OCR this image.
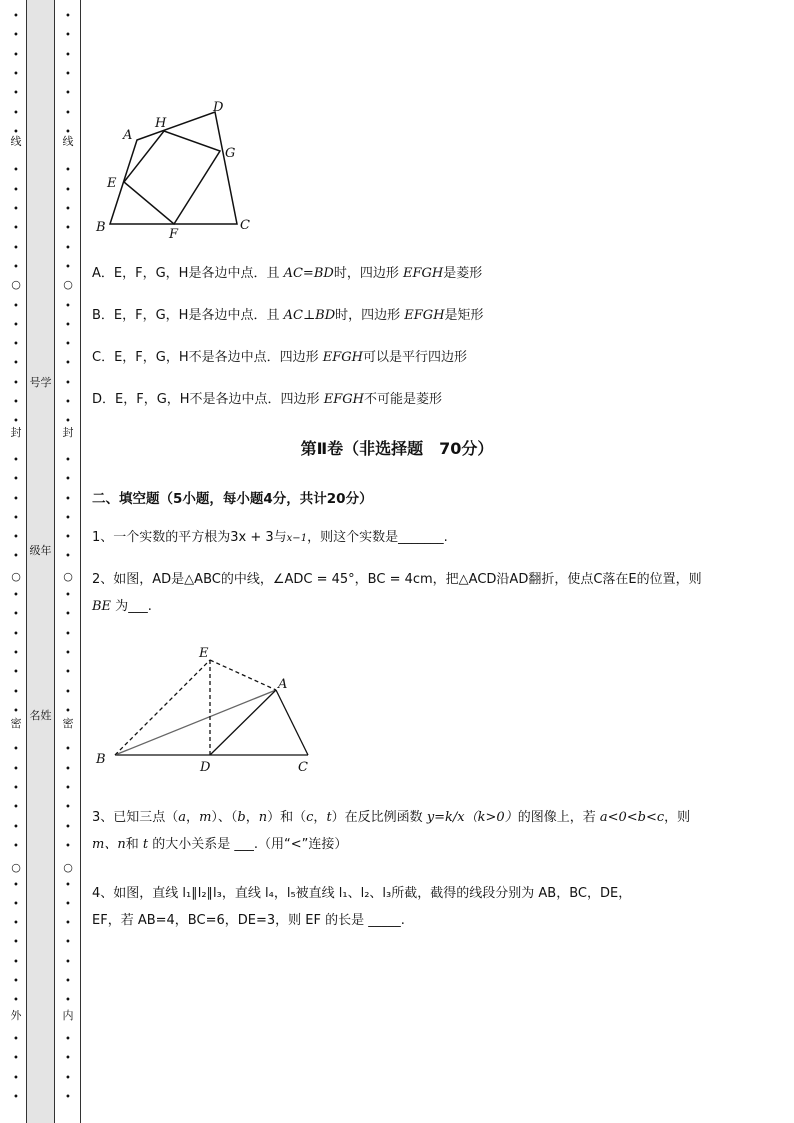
•
•
•
•
•
•
•
•
•
•
•
•
•
•
•
•
•
•
•
•
•
•
•
•
•
•
•
•
•
•
•
•
•
•
•
•
•
•
•
•
•
•
•
•
•
•
•
•
•
•
线
○
封
○
密
○
外
号学
级年
名姓
•
•
•
•
•
•
•
•
•
•
•
•
•
•
•
•
•
•
•
•
•
•
•
•
•
•
•
•
•
•
•
•
•
•
•
•
•
•
•
•
•
•
•
•
•
•
•
•
•
•
线
○
封
○
密
○
内
A
H
D
G
E
B	F
C
A．E，F，G，H是各边中点．且 AC=BD时，四边形 EFGH是菱形
B．E，F，G，H是各边中点．且 AC⊥BD时，四边形 EFGH是矩形
C．E，F，G，H不是各边中点．四边形 EFGH可以是平行四边形
D．E，F，G，H不是各边中点．四边形 EFGH不可能是菱形
第Ⅱ卷（非选择题　70分）
二、填空题（5小题，每小题4分，共计20分）
1、一个实数的平方根为3x + 3与x−1，则这个实数是_______.
2、如图，AD是△ABC的中线，∠ADC = 45°，BC = 4cm，把△ACD沿AD翻折，使点C落在E的位置，则
BE 为___.
E
A
B
D	C
3、已知三点（a，m）、（b，n）和（c，t）在反比例函数 y=k/x（k>0）的图像上，若 a<0<b<c，则
m、n和 t 的大小关系是 ___.（用“<”连接）
4、如图，直线 l₁∥l₂∥l₃，直线 l₄，l₅被直线 l₁、l₂、l₃所截，截得的线段分别为 AB，BC，DE，
EF，若 AB=4，BC=6，DE=3，则 EF 的长是 _____.
